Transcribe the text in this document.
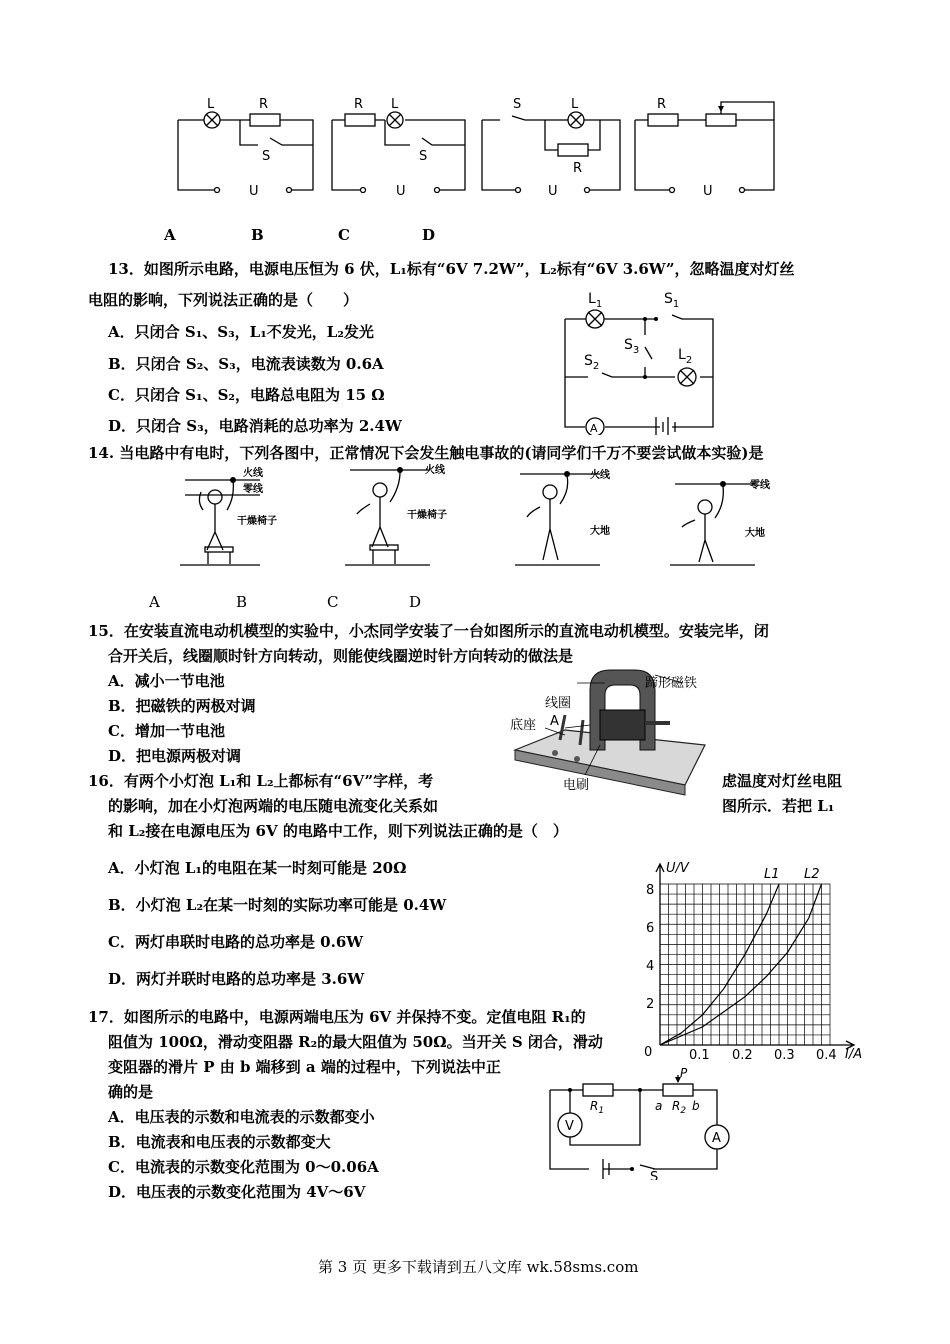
L	R
S
U
R L
S
U
S	L
R
U
R
U
A	B	C	D
13．如图所示电路，电源电压恒为 6 伏，L₁标有“6V 7.2W”，L₂标有“6V 3.6W”，忽略温度对灯丝
电阻的影响，下列说法正确的是（　　）
A．只闭合 S₁、S₃，L₁不发光，L₂发光
B．只闭合 S₂、S₃，电流表读数为 0.6A
C．只闭合 S₁、S₂，电路总电阻为 15 Ω
D．只闭合 S₃，电路消耗的总功率为 2.4W
$L_1$	$S_1$
$S_3$	$L_2$
$S_2$
A
14. 当电路中有电时，下列各图中，正常情况下会发生触电事故的(请同学们千万不要尝试做本实验)是
火线
零线
干燥椅子
火线
干燥椅子
火线
大地
零线
大地
A	B	C	D
15．在安装直流电动机模型的实验中，小杰同学安装了一台如图所示的直流电动机模型。安装完毕，闭
合开关后，线圈顺时针方向转动，则能使线圈逆时针方向转动的做法是
A．减小一节电池
B．把磁铁的两极对调
C．增加一节电池
D．把电源两极对调
蹄形磁铁
线圈
底座 A
电刷
N
16．有两个小灯泡 L₁和 L₂上都标有“6V”字样，考	虑温度对灯丝电阻
的影响，加在小灯泡两端的电压随电流变化关系如	图所示．若把 L₁
和 L₂接在电源电压为 6V 的电路中工作，则下列说法正确的是（　）
A．小灯泡 L₁的电阻在某一时刻可能是 20Ω
B．小灯泡 L₂在某一时刻的实际功率可能是 0.4W
C．两灯串联时电路的总功率是 0.6W
D．两灯并联时电路的总功率是 3.6W
U/V
I/A
0
2
4
6
8
0.1 0.2 0.3 0.4
L1 L2
17．如图所示的电路中，电源两端电压为 6V 并保持不变。定值电阻 R₁的
阻值为 100Ω，滑动变阻器 R₂的最大阻值为 50Ω。当开关 S 闭合，滑动
变阻器的滑片 P 由 b 端移到 a 端的过程中，下列说法中正
确的是
A．电压表的示数和电流表的示数都变小
B．电流表和电压表的示数都变大
C．电流表的示数变化范围为 0～0.06A
D．电压表的示数变化范围为 4V～6V
$R_1$
P
a $R_2$ b
V
A
S
第 3 页 更多下载请到五八文库 wk.58sms.com
